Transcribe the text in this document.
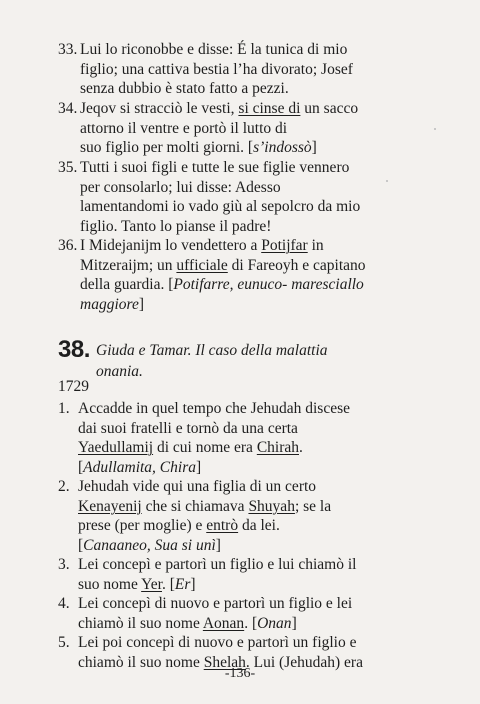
33. Lui lo riconobbe e disse: É la tunica di mio
figlio; una cattiva bestia l’ha divorato; Josef
senza dubbio è stato fatto a pezzi.
34. Jeqov si stracciò le vesti, si cinse di un sacco
attorno il ventre e portò il lutto di
suo figlio per molti giorni. [s’indossò]
35. Tutti i suoi figli e tutte le sue figlie vennero
per consolarlo; lui disse: Adesso
lamentandomi io vado giù al sepolcro da mio
figlio. Tanto lo pianse il padre!
36. I Midejanijm lo vendettero a Potijfar in
Mitzeraijm; un ufficiale di Fareoyh e capitano
della guardia. [Potifarre, eunuco- maresciallo
maggiore]
38. Giuda e Tamar. Il caso della malattia
onania.
1729
1. Accadde in quel tempo che Jehudah discese
dai suoi fratelli e tornò da una certa
Yaedullamij di cui nome era Chirah.
[Adullamita, Chira]
2. Jehudah vide qui una figlia di un certo
Kenayenij che si chiamava Shuyah; se la
prese (per moglie) e entrò da lei.
[Canaaneo, Sua si unì]
3. Lei concepì e partorì un figlio e lui chiamò il
suo nome Yer. [Er]
4. Lei concepì di nuovo e partorì un figlio e lei
chiamò il suo nome Aonan. [Onan]
5. Lei poi concepì di nuovo e partorì un figlio e
chiamò il suo nome Shelah. Lui (Jehudah) era
-136-
